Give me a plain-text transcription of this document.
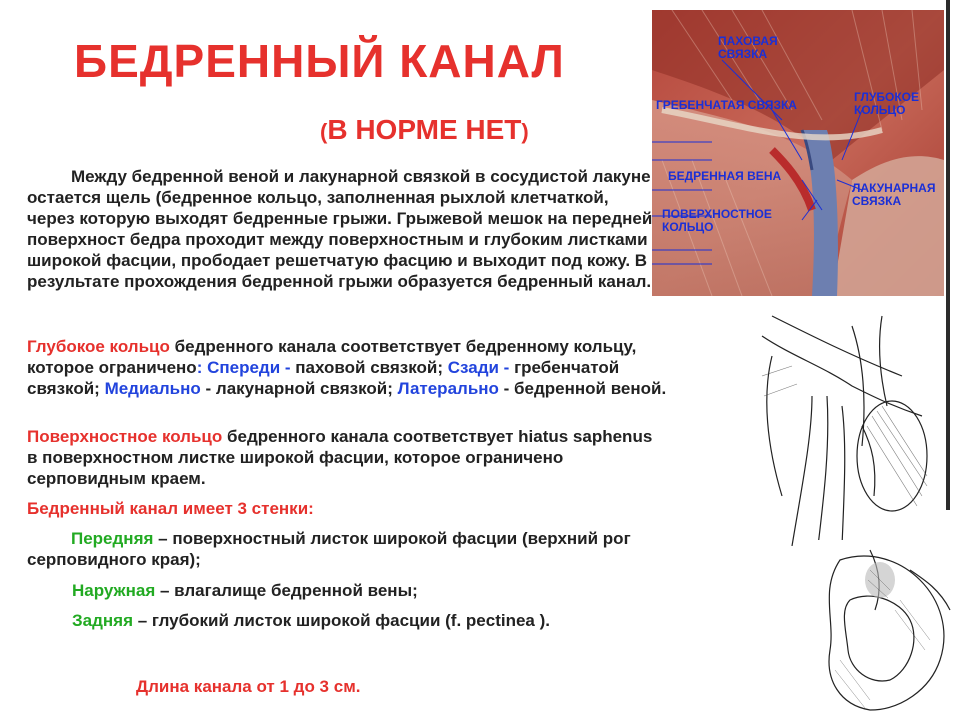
БЕДРЕННЫЙ КАНАЛ
(В НОРМЕ НЕТ)
Между бедренной веной и лакунарной связкой в сосудистой лакуне остается щель (бедренное кольцо, заполненная рыхлой клетчаткой, через которую выходят бедренные грыжи. Грыжевой мешок на передней поверхност бедра проходит между поверхностным и глубоким листками широкой фасции, прободает решетчатую фасцию и выходит под кожу. В результате прохождения бедренной грыжи образуется бедренный канал.
Глубокое кольцо бедренного канала соответствует бедренному кольцу, которое ограничено: Спереди - паховой связкой; Сзади - гребенчатой связкой; Медиально - лакунарной связкой; Латерально - бедренной веной.
Поверхностное кольцо бедренного канала соответствует hiatus saphenus в поверхностном листке широкой фасции, которое ограничено серповидным краем.
Бедренный канал имеет 3 стенки:
Передняя – поверхностный листок широкой фасции (верхний рог серповидного края);
Наружная – влагалище бедренной вены;
Задняя – глубокий листок широкой фасции (f. pectinea ).
Длина канала от 1 до 3 см.
ПАХОВАЯ
СВЯЗКА
ГРЕБЕНЧАТАЯ СВЯЗКА
ГЛУБОКОЕ
КОЛЬЦО
БЕДРЕННАЯ ВЕНА
ЛАКУНАРНАЯ
СВЯЗКА
ПОВЕРХНОСТНОЕ
КОЛЬЦО
